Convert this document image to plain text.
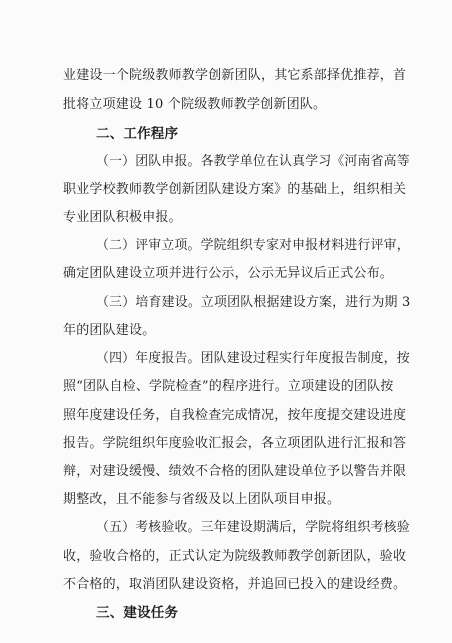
业建设一个院级教师教学创新团队，其它系部择优推荐，首
批将立项建设 10 个院级教师教学创新团队。
二、工作程序
（一）团队申报。各教学单位在认真学习《河南省高等
职业学校教师教学创新团队建设方案》的基础上，组织相关
专业团队积极申报。
（二）评审立项。学院组织专家对申报材料进行评审，
确定团队建设立项并进行公示，公示无异议后正式公布。
（三）培育建设。立项团队根据建设方案，进行为期 3
年的团队建设。
（四）年度报告。团队建设过程实行年度报告制度，按
照“团队自检、学院检查”的程序进行。立项建设的团队按
照年度建设任务，自我检查完成情况，按年度提交建设进度
报告。学院组织年度验收汇报会，各立项团队进行汇报和答
辩，对建设缓慢、绩效不合格的团队建设单位予以警告并限
期整改，且不能参与省级及以上团队项目申报。
（五）考核验收。三年建设期满后，学院将组织考核验
收，验收合格的，正式认定为院级教师教学创新团队，验收
不合格的，取消团队建设资格，并追回已投入的建设经费。
三、建设任务
